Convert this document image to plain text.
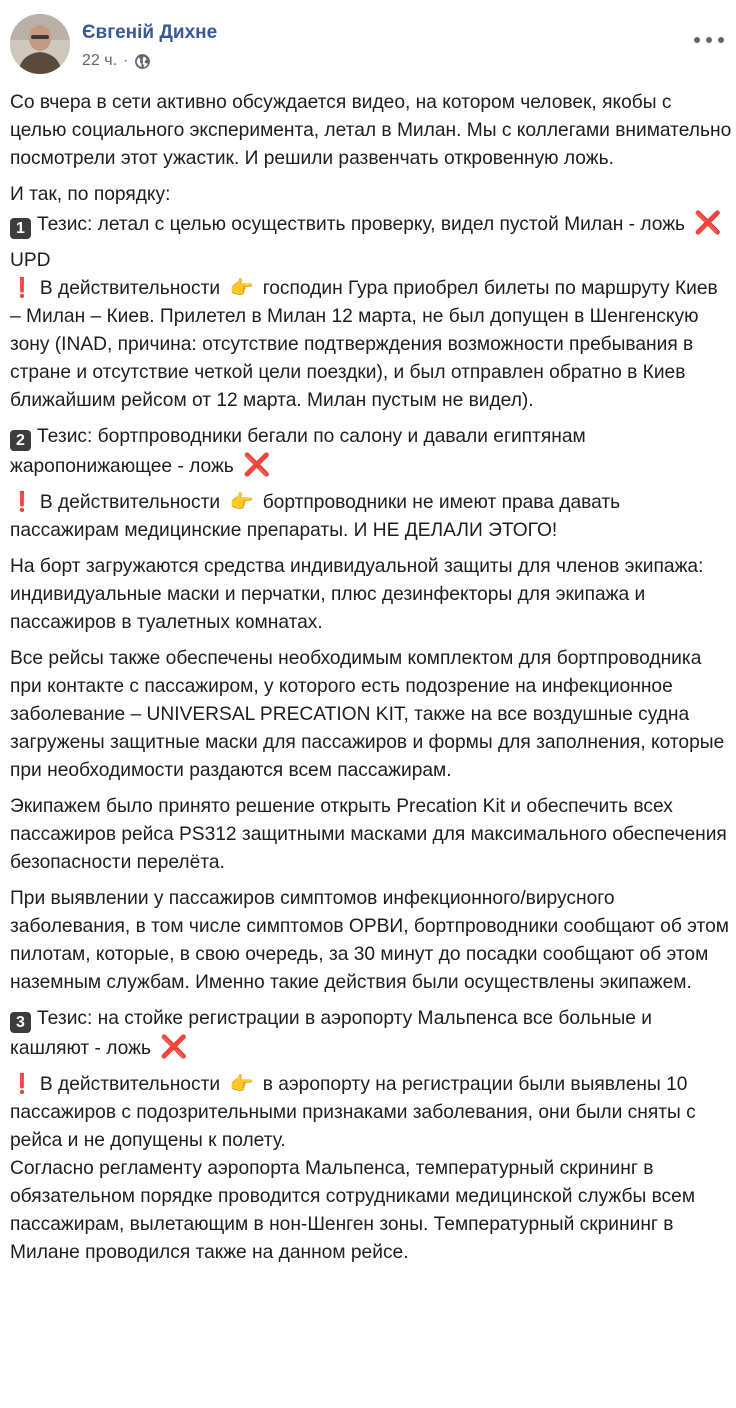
Євгеній Дихне
22 ч. ·

Со вчера в сети активно обсуждается видео, на котором человек, якобы с целью социального эксперимента, летал в Милан. Мы с коллегами внимательно посмотрели этот ужастик. И решили развенчать откровенную ложь.

И так, по порядку:
1 Тезис: летал с целью осуществить проверку, видел пустой Милан - ложь ❌

UPD
❗ В действительности 👉 господин Гура приобрел билеты по маршруту Киев – Милан – Киев. Прилетел в Милан 12 марта, не был допущен в Шенгенскую зону (INAD, причина: отсутствие подтверждения возможности пребывания в стране и отсутствие четкой цели поездки), и был отправлен обратно в Киев ближайшим рейсом от 12 марта. Милан пустым не видел).

2 Тезис: бортпроводники бегали по салону и давали египтянам жаропонижающее - ложь ❌

❗ В действительности 👉 бортпроводники не имеют права давать пассажирам медицинские препараты. И НЕ ДЕЛАЛИ ЭТОГО!

На борт загружаются средства индивидуальной защиты для членов экипажа: индивидуальные маски и перчатки, плюс дезинфекторы для экипажа и пассажиров в туалетных комнатах.

Все рейсы также обеспечены необходимым комплектом для бортпроводника при контакте с пассажиром, у которого есть подозрение на инфекционное заболевание – UNIVERSAL PRECATION KIT, также на все воздушные судна загружены защитные маски для пассажиров и формы для заполнения, которые при необходимости раздаются всем пассажирам.

Экипажем было принято решение открыть Precation Kit и обеспечить всех пассажиров рейса PS312 защитными масками для максимального обеспечения безопасности перелёта.

При выявлении у пассажиров симптомов инфекционного/вирусного заболевания, в том числе симптомов ОРВИ, бортпроводники сообщают об этом пилотам, которые, в свою очередь, за 30 минут до посадки сообщают об этом наземным службам. Именно такие действия были осуществлены экипажем.

3 Тезис: на стойке регистрации в аэропорту Мальпенса все больные и кашляют - ложь ❌

❗ В действительности 👉 в аэропорту на регистрации были выявлены 10 пассажиров с подозрительными признаками заболевания, они были сняты с рейса и не допущены к полету.
Согласно регламенту аэропорта Мальпенса, температурный скрининг в обязательном порядке проводится сотрудниками медицинской службы всем пассажирам, вылетающим в нон-Шенген зоны. Температурный скрининг в Милане проводился также на данном рейсе.
